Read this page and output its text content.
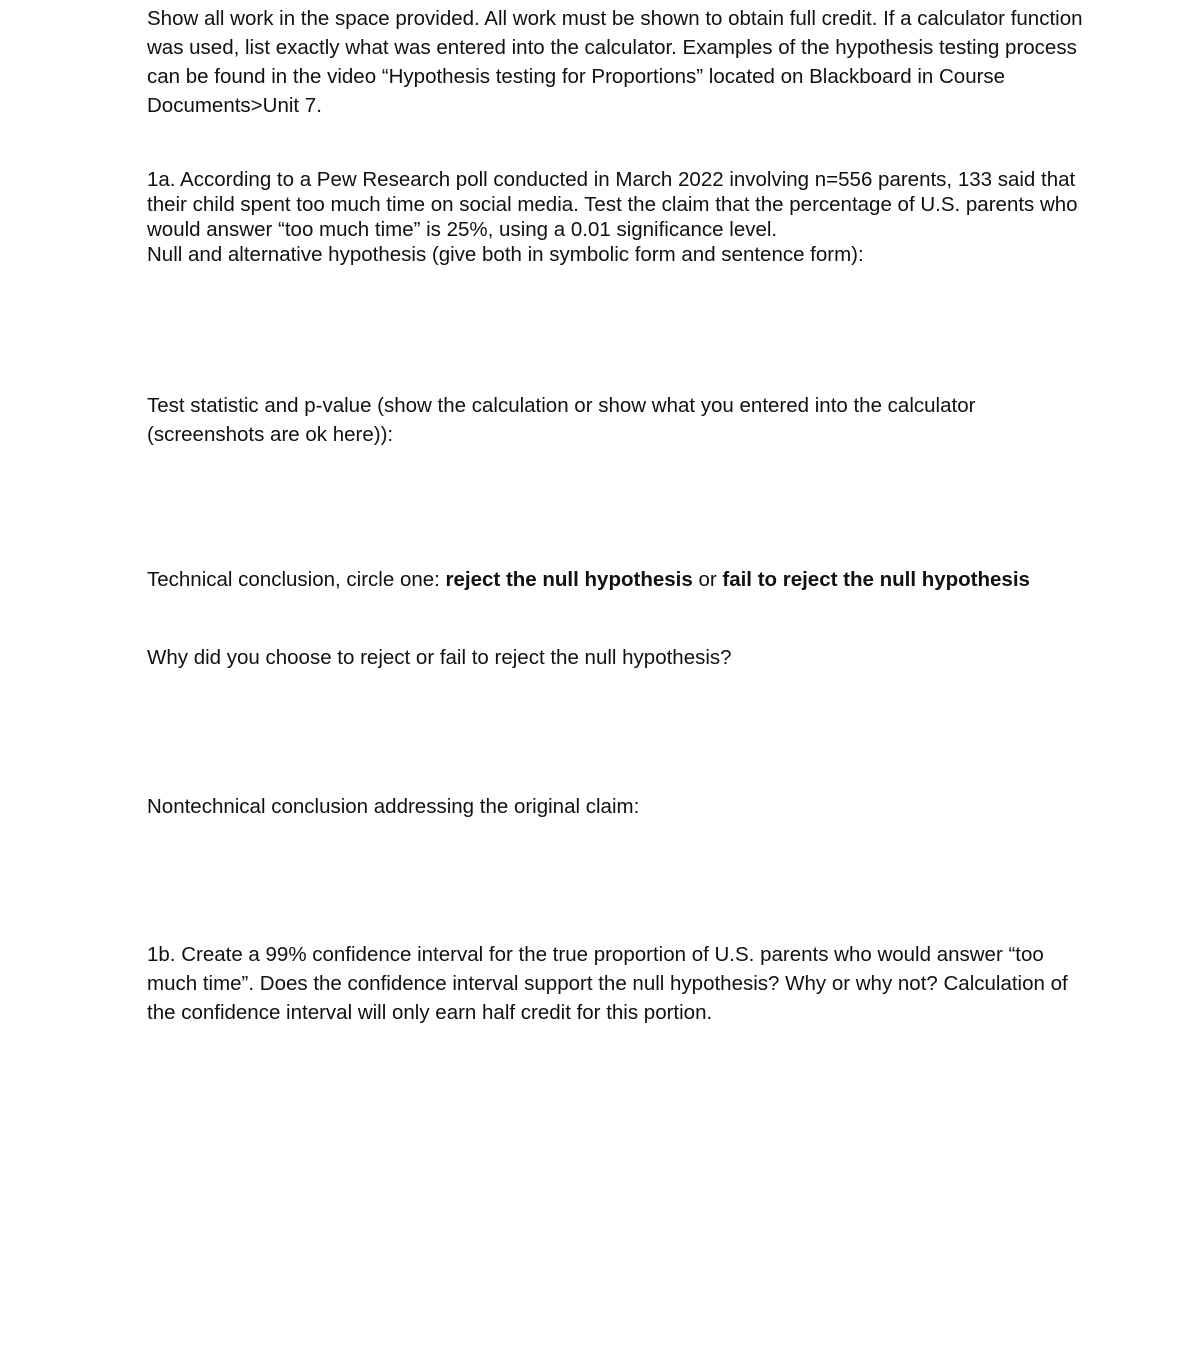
Show all work in the space provided. All work must be shown to obtain full credit. If a calculator function was used, list exactly what was entered into the calculator. Examples of the hypothesis testing process can be found in the video “Hypothesis testing for Proportions” located on Blackboard in Course Documents>Unit 7.

1a. According to a Pew Research poll conducted in March 2022 involving n=556 parents, 133 said that their child spent too much time on social media. Test the claim that the percentage of U.S. parents who would answer “too much time” is 25%, using a 0.01 significance level.

Null and alternative hypothesis (give both in symbolic form and sentence form):

Test statistic and p-value (show the calculation or show what you entered into the calculator (screenshots are ok here)):

Technical conclusion, circle one: reject the null hypothesis or fail to reject the null hypothesis

Why did you choose to reject or fail to reject the null hypothesis?

Nontechnical conclusion addressing the original claim:

1b. Create a 99% confidence interval for the true proportion of U.S. parents who would answer “too much time”. Does the confidence interval support the null hypothesis? Why or why not? Calculation of the confidence interval will only earn half credit for this portion.
